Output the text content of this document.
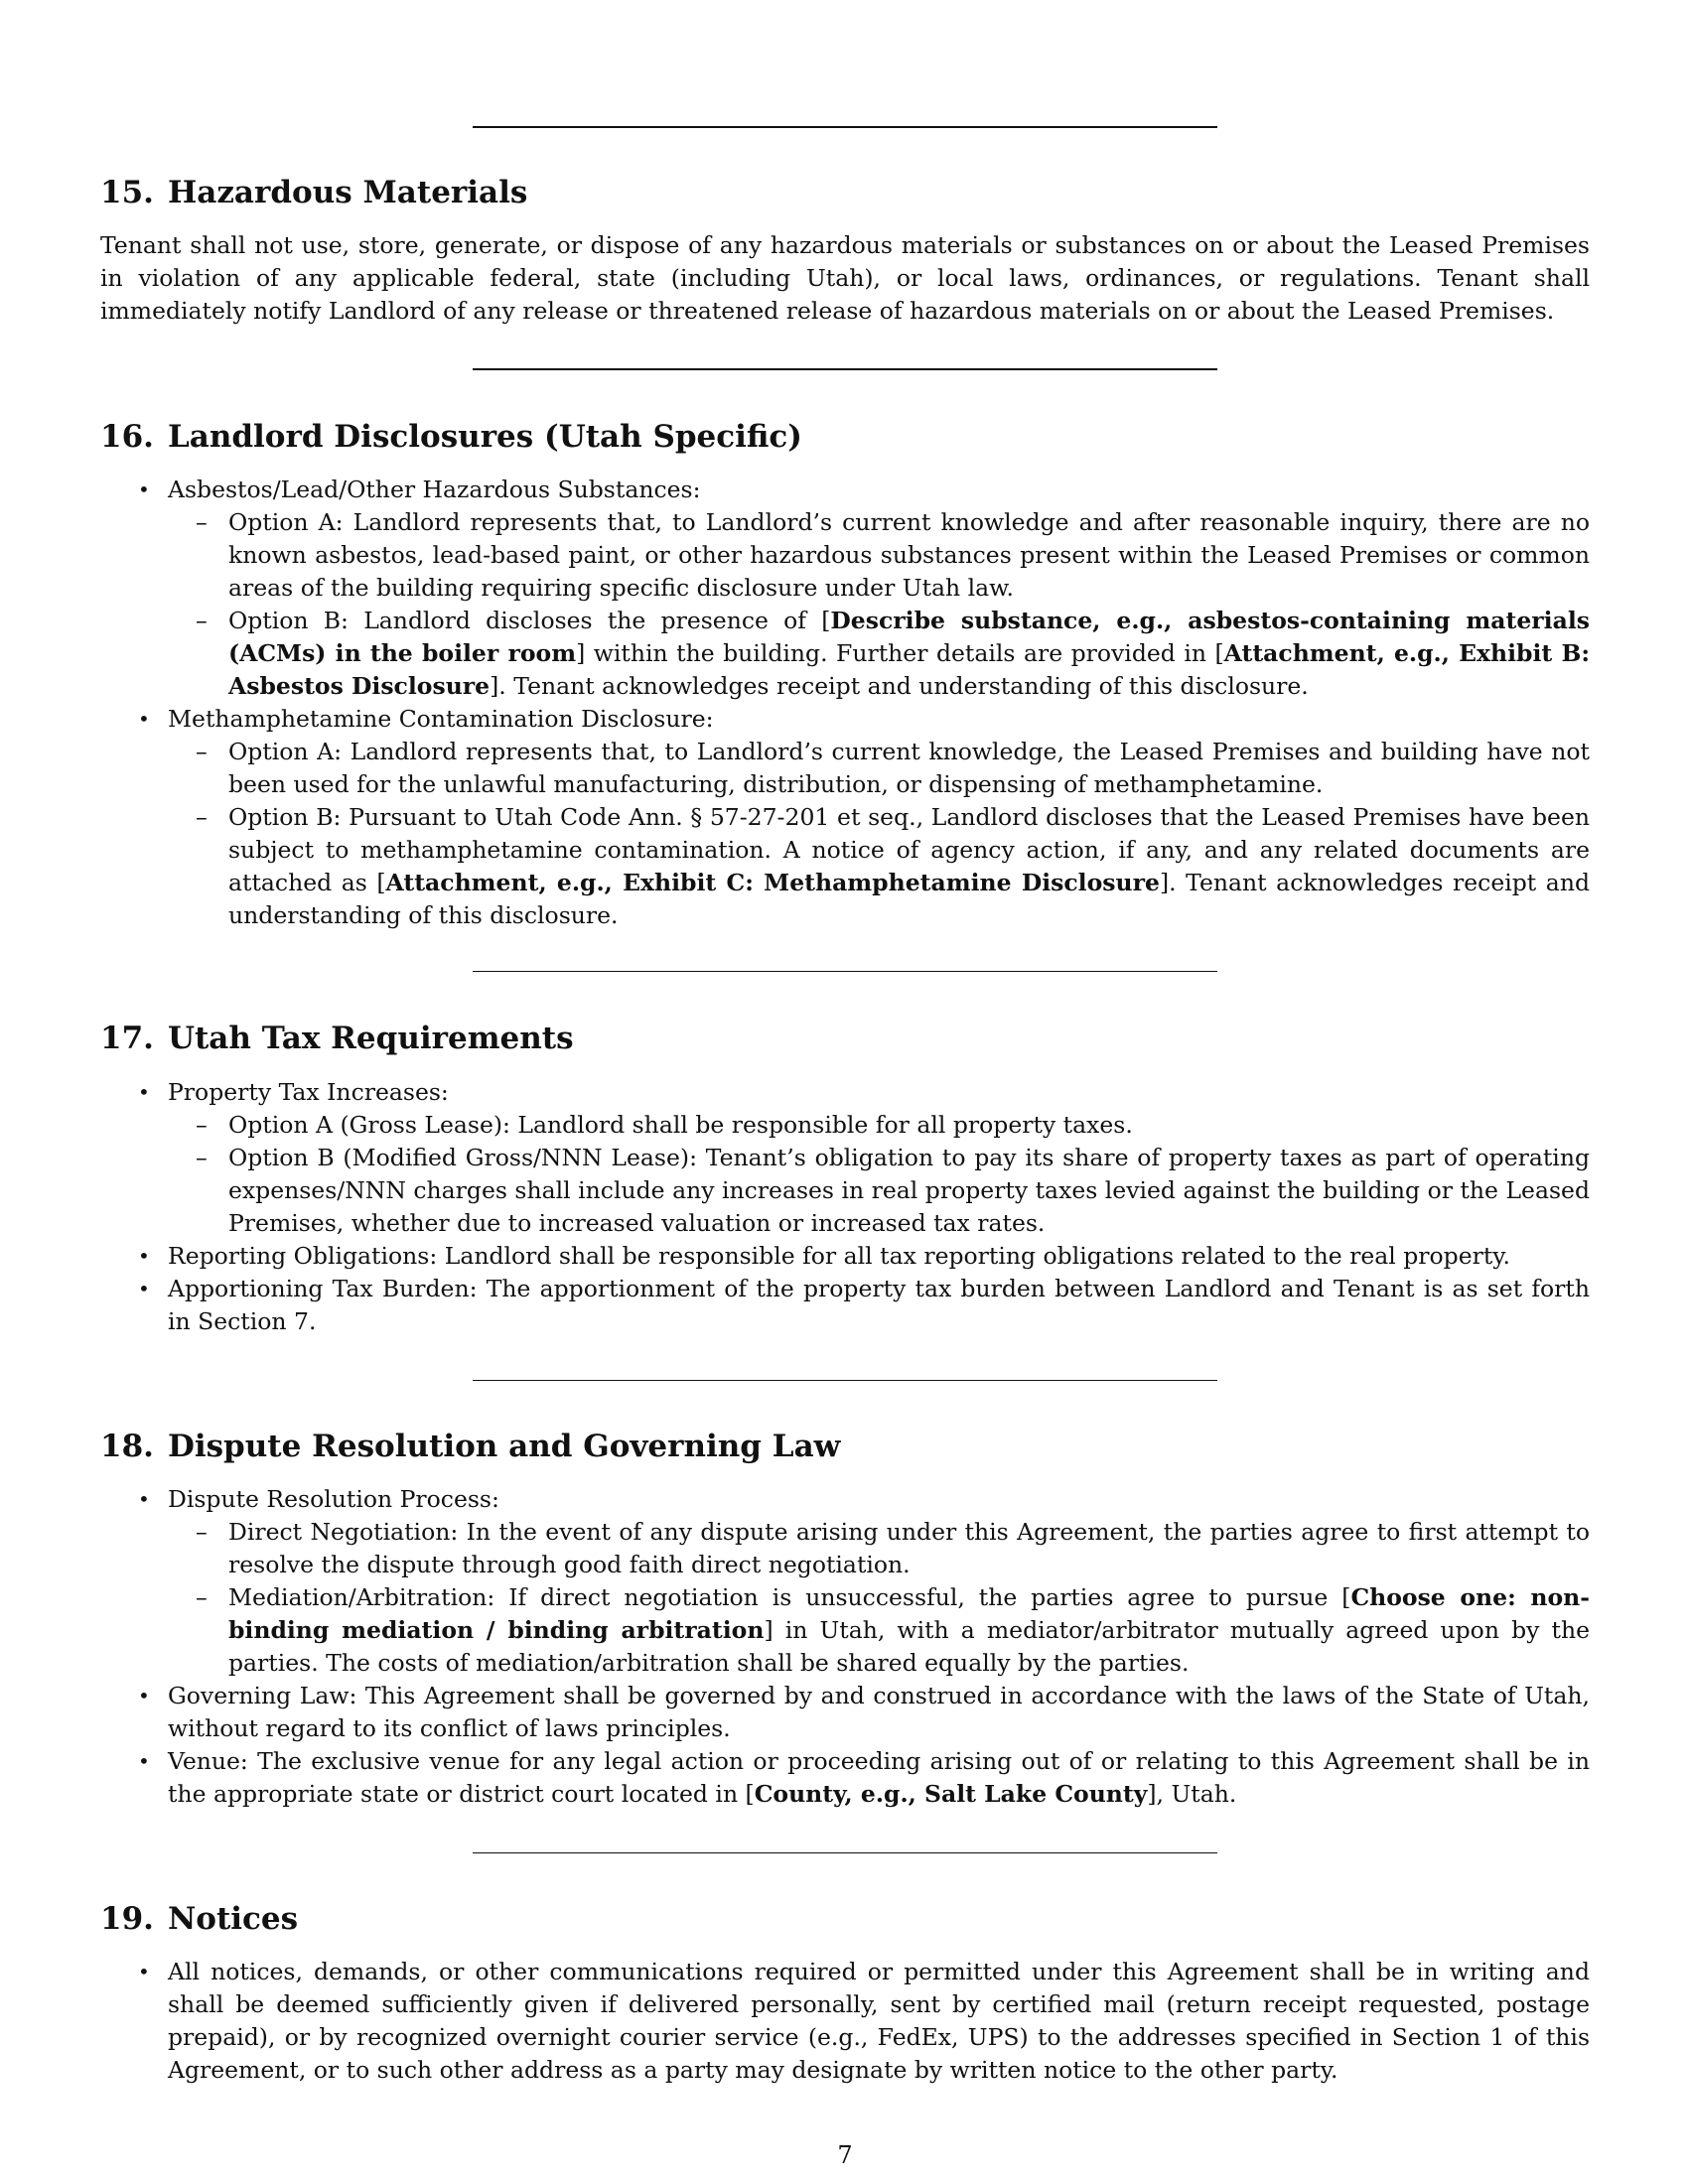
15. Hazardous Materials

Tenant shall not use, store, generate, or dispose of any hazardous materials or substances on or about the Leased Premises in violation of any applicable federal, state (including Utah), or local laws, ordinances, or regulations. Tenant shall immediately notify Landlord of any release or threatened release of hazardous materials on or about the Leased Premises.

16. Landlord Disclosures (Utah Specific)
• Asbestos/Lead/Other Hazardous Substances:
– Option A: Landlord represents that, to Landlord’s current knowledge and after reasonable inquiry, there are no known asbestos, lead-based paint, or other hazardous substances present within the Leased Premises or common areas of the building requiring specific disclosure under Utah law.
– Option B: Landlord discloses the presence of [Describe substance, e.g., asbestos-containing materials (ACMs) in the boiler room] within the building. Further details are provided in [Attachment, e.g., Exhibit B: Asbestos Disclosure]. Tenant acknowledges receipt and understanding of this disclosure.
• Methamphetamine Contamination Disclosure:
– Option A: Landlord represents that, to Landlord’s current knowledge, the Leased Premises and building have not been used for the unlawful manufacturing, distribution, or dispensing of methamphetamine.
– Option B: Pursuant to Utah Code Ann. § 57-27-201 et seq., Landlord discloses that the Leased Premises have been subject to methamphetamine contamination. A notice of agency action, if any, and any related documents are attached as [Attachment, e.g., Exhibit C: Methamphetamine Disclosure]. Tenant acknowledges receipt and understanding of this disclosure.
17. Utah Tax Requirements
• Property Tax Increases:
– Option A (Gross Lease): Landlord shall be responsible for all property taxes.
– Option B (Modified Gross/NNN Lease): Tenant’s obligation to pay its share of property taxes as part of operating expenses/NNN charges shall include any increases in real property taxes levied against the building or the Leased Premises, whether due to increased valuation or increased tax rates.
• Reporting Obligations: Landlord shall be responsible for all tax reporting obligations related to the real property.
• Apportioning Tax Burden: The apportionment of the property tax burden between Landlord and Tenant is as set forth in Section 7.
18. Dispute Resolution and Governing Law
• Dispute Resolution Process:
– Direct Negotiation: In the event of any dispute arising under this Agreement, the parties agree to first attempt to resolve the dispute through good faith direct negotiation.
– Mediation/Arbitration: If direct negotiation is unsuccessful, the parties agree to pursue [Choose one: non-binding mediation / binding arbitration] in Utah, with a mediator/arbitrator mutually agreed upon by the parties. The costs of mediation/arbitration shall be shared equally by the parties.
• Governing Law: This Agreement shall be governed by and construed in accordance with the laws of the State of Utah, without regard to its conflict of laws principles.
• Venue: The exclusive venue for any legal action or proceeding arising out of or relating to this Agreement shall be in the appropriate state or district court located in [County, e.g., Salt Lake County], Utah.
19. Notices
• All notices, demands, or other communications required or permitted under this Agreement shall be in writing and shall be deemed sufficiently given if delivered personally, sent by certified mail (return receipt requested, postage prepaid), or by recognized overnight courier service (e.g., FedEx, UPS) to the addresses specified in Section 1 of this Agreement, or to such other address as a party may designate by written notice to the other party.
7
